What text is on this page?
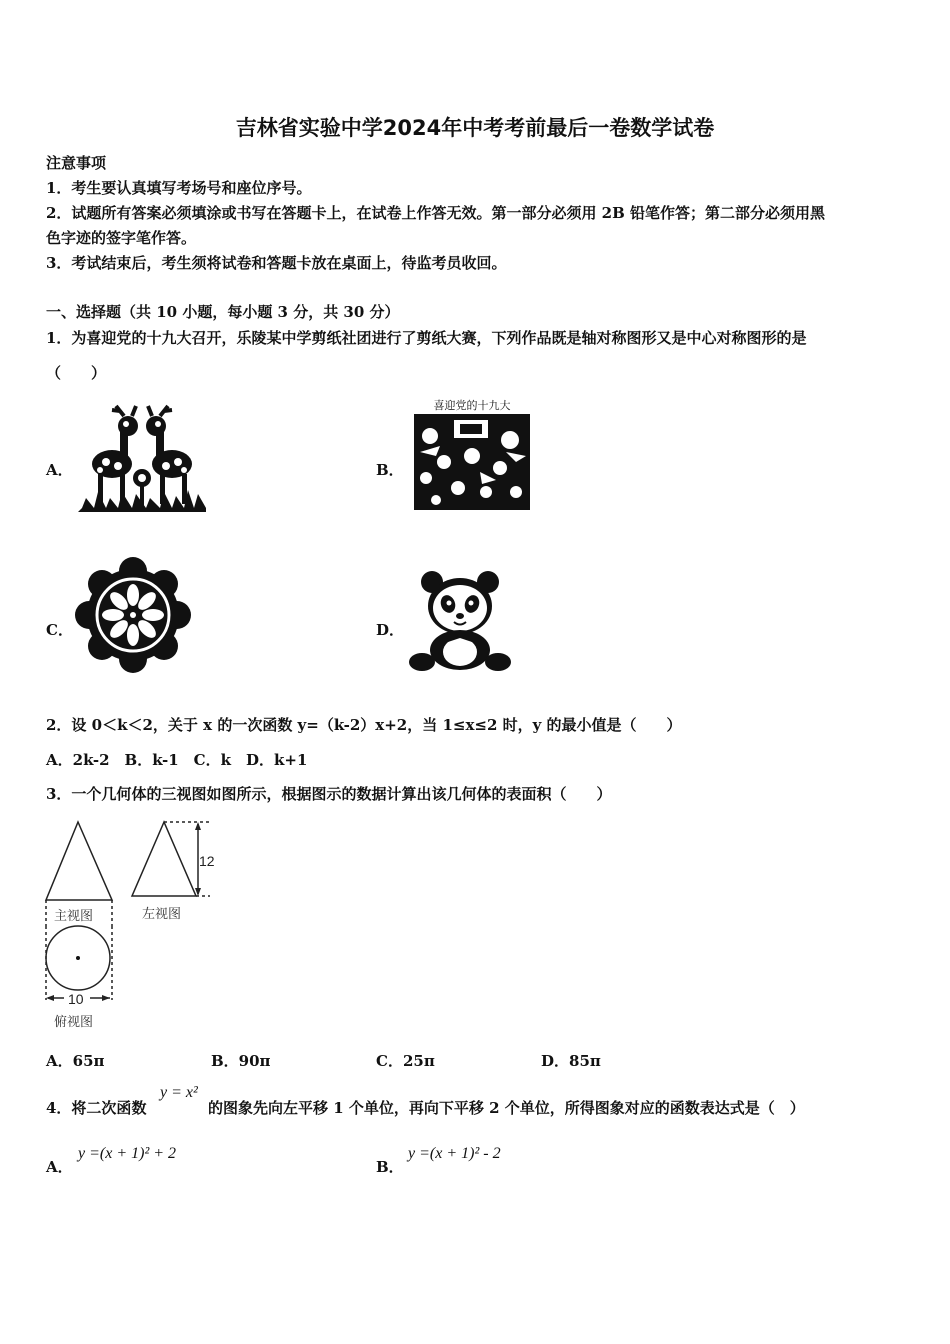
吉林省实验中学2024年中考考前最后一卷数学试卷
注意事项
1．考生要认真填写考场号和座位序号。
2．试题所有答案必须填涂或书写在答题卡上，在试卷上作答无效。第一部分必须用 2B 铅笔作答；第二部分必须用黑
色字迹的签字笔作答。
3．考试结束后，考生须将试卷和答题卡放在桌面上，待监考员收回。
一、选择题（共 10 小题，每小题 3 分，共 30 分）
1．为喜迎党的十九大召开，乐陵某中学剪纸社团进行了剪纸大赛，下列作品既是轴对称图形又是中心对称图形的是
（　　）
A．	B．
喜迎党的十九大
C．	D．
2．设 0＜k＜2，关于 x 的一次函数 y=（k-2）x+2，当 1≤x≤2 时，y 的最小值是（　　）
A．2k-2　B．k-1　C．k　D．k+1
3．一个几何体的三视图如图所示，根据图示的数据计算出该几何体的表面积（　　）
12
10
主视图	左视图
俯视图
A．65π	B．90π	C．25π	D．85π
4．将二次函数
y = x²
的图象先向左平移 1 个单位，再向下平移 2 个单位，所得图象对应的函数表达式是（　）
A．
y =(x + 1)² + 2
B．
y =(x + 1)² - 2
